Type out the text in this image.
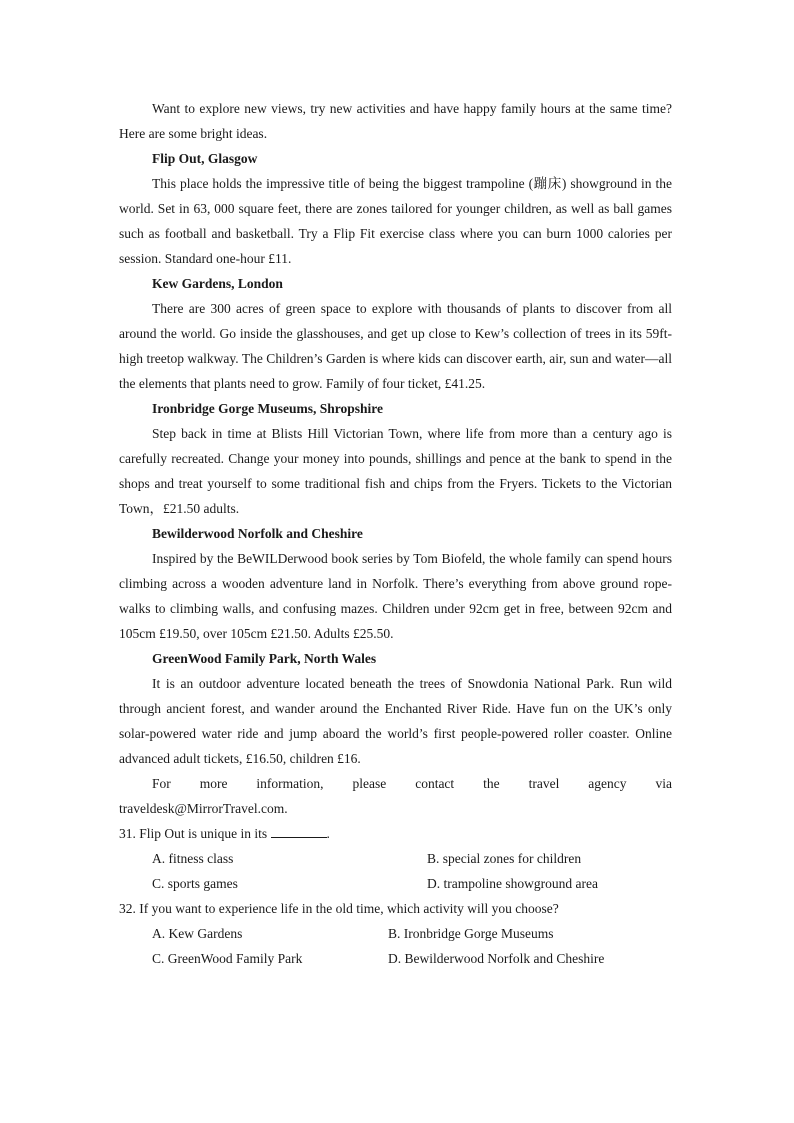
Want to explore new views, try new activities and have happy family hours at the same time? Here are some bright ideas.

Flip Out, Glasgow

This place holds the impressive title of being the biggest trampoline (蹦床) showground in the world. Set in 63, 000 square feet, there are zones tailored for younger children, as well as ball games such as football and basketball. Try a Flip Fit exercise class where you can burn 1000 calories per session. Standard one-hour £11.

Kew Gardens, London

There are 300 acres of green space to explore with thousands of plants to discover from all around the world. Go inside the glasshouses, and get up close to Kew’s collection of trees in its 59ft-high treetop walkway. The Children’s Garden is where kids can discover earth, air, sun and water—all the elements that plants need to grow. Family of four ticket, £41.25.

Ironbridge Gorge Museums, Shropshire

Step back in time at Blists Hill Victorian Town, where life from more than a century ago is carefully recreated. Change your money into pounds, shillings and pence at the bank to spend in the shops and treat yourself to some traditional fish and chips from the Fryers. Tickets to the Victorian Town，£21.50 adults.

Bewilderwood Norfolk and Cheshire

Inspired by the BeWILDerwood book series by Tom Biofeld, the whole family can spend hours climbing across a wooden adventure land in Norfolk. There’s everything from above ground rope-walks to climbing walls, and confusing mazes. Children under 92cm get in free, between 92cm and 105cm £19.50, over 105cm £21.50. Adults £25.50.

GreenWood Family Park, North Wales

It is an outdoor adventure located beneath the trees of Snowdonia National Park. Run wild through ancient forest, and wander around the Enchanted River Ride. Have fun on the UK’s only solar-powered water ride and jump aboard the world’s first people-powered roller coaster. Online advanced adult tickets, £16.50, children £16.

For more information, please contact the travel agency via

traveldesk@MirrorTravel.com.

31. Flip Out is unique in its	.

A. fitness class	B. special zones for children
C. sports games	D. trampoline showground area

32. If you want to experience life in the old time, which activity will you choose?

A. Kew Gardens	B. Ironbridge Gorge Museums
C. GreenWood Family Park	D. Bewilderwood Norfolk and Cheshire
